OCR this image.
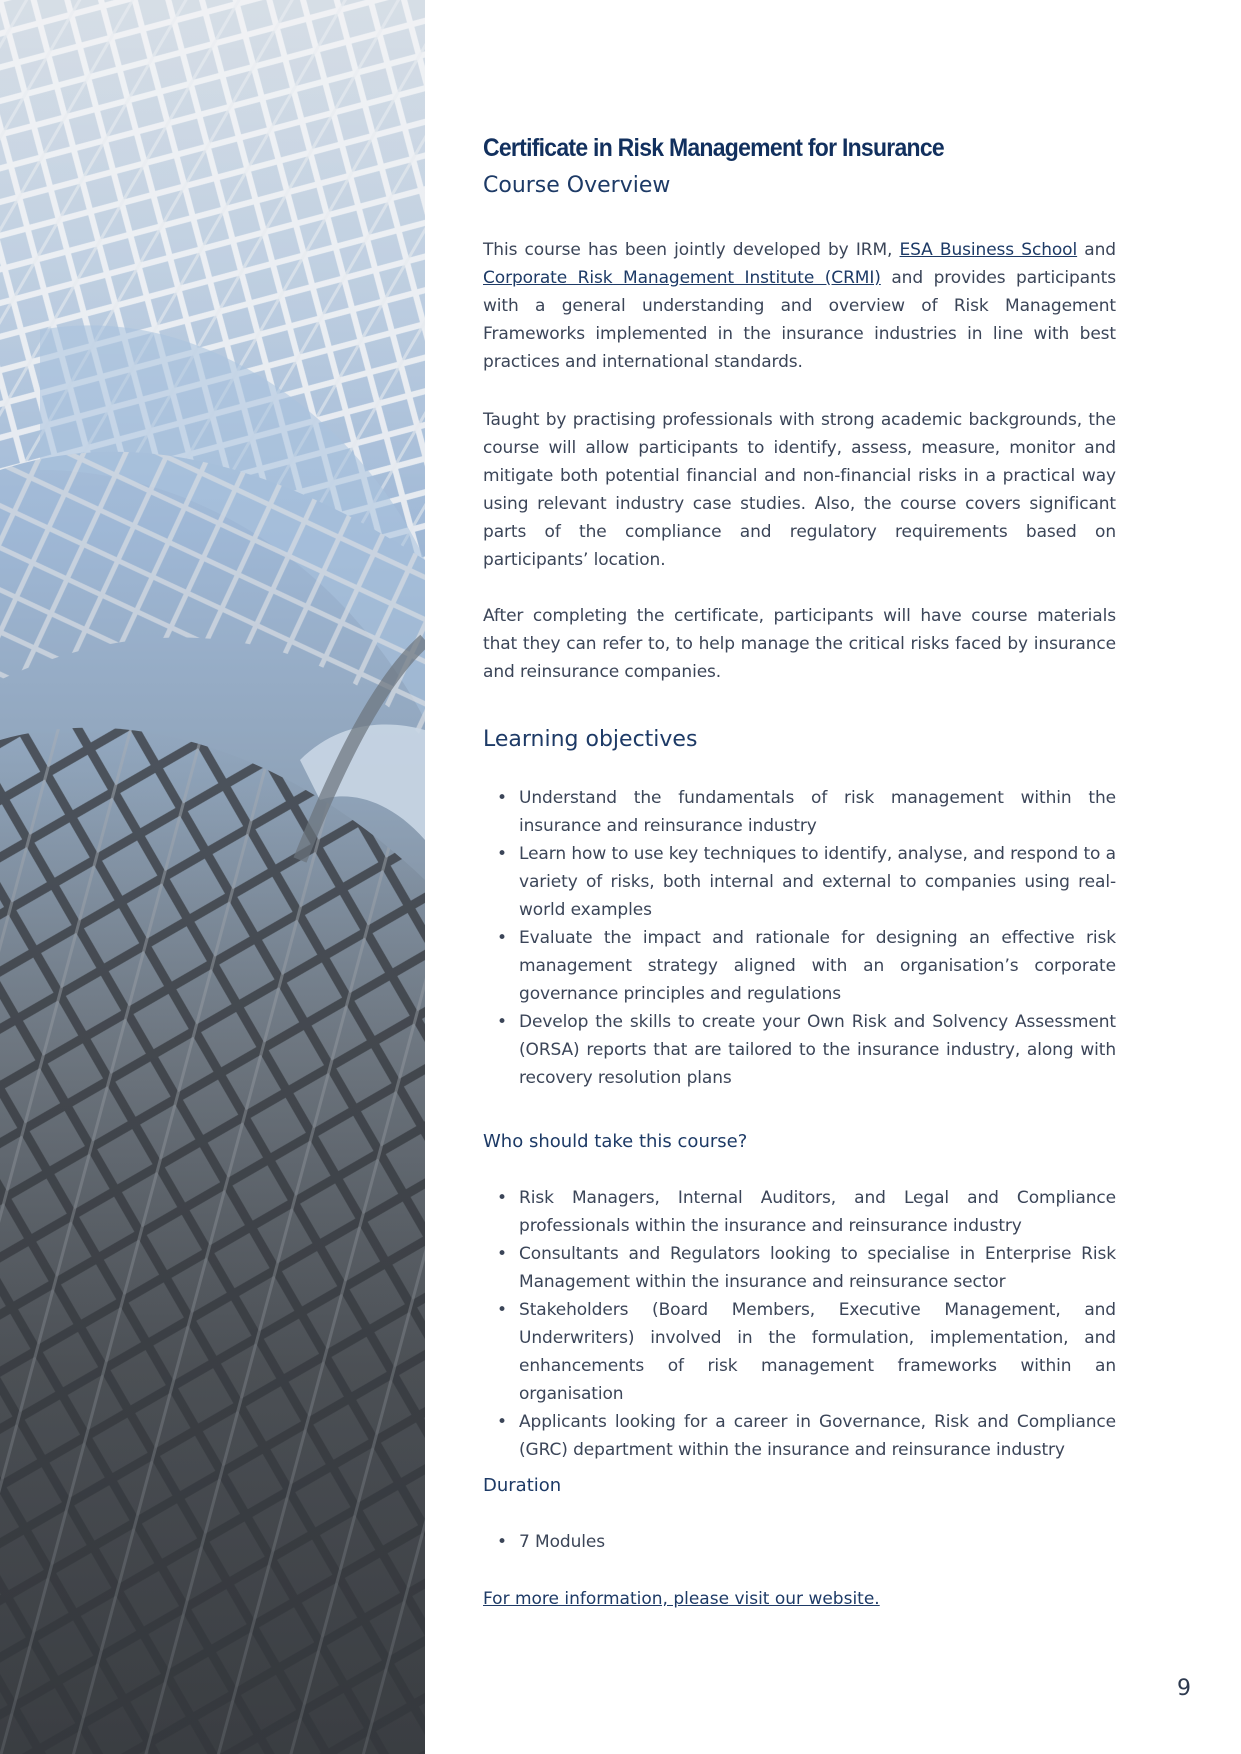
Certificate in Risk Management for Insurance
Course Overview

This course has been jointly developed by IRM, ESA Business School and Corporate Risk Management Institute (CRMI) and provides participants with a general understanding and overview of Risk Management Frameworks implemented in the insurance industries in line with best practices and international standards.

Taught by practising professionals with strong academic backgrounds, the course will allow participants to identify, assess, measure, monitor and mitigate both potential financial and non-financial risks in a practical way using relevant industry case studies. Also, the course covers significant parts of the compliance and regulatory requirements based on participants’ location.

After completing the certificate, participants will have course materials that they can refer to, to help manage the critical risks faced by insurance and reinsurance companies.

Learning objectives
• Understand the fundamentals of risk management within the insurance and reinsurance industry
• Learn how to use key techniques to identify, analyse, and respond to a variety of risks, both internal and external to companies using real-world examples
• Evaluate the impact and rationale for designing an effective risk management strategy aligned with an organisation’s corporate governance principles and regulations
• Develop the skills to create your Own Risk and Solvency Assessment (ORSA) reports that are tailored to the insurance industry, along with recovery resolution plans
Who should take this course?
• Risk Managers, Internal Auditors, and Legal and Compliance professionals within the insurance and reinsurance industry
• Consultants and Regulators looking to specialise in Enterprise Risk Management within the insurance and reinsurance sector
• Stakeholders (Board Members, Executive Management, and Underwriters) involved in the formulation, implementation, and enhancements of risk management frameworks within an organisation
• Applicants looking for a career in Governance, Risk and Compliance (GRC) department within the insurance and reinsurance industry
Duration
• 7 Modules
For more information, please visit our website.
9
